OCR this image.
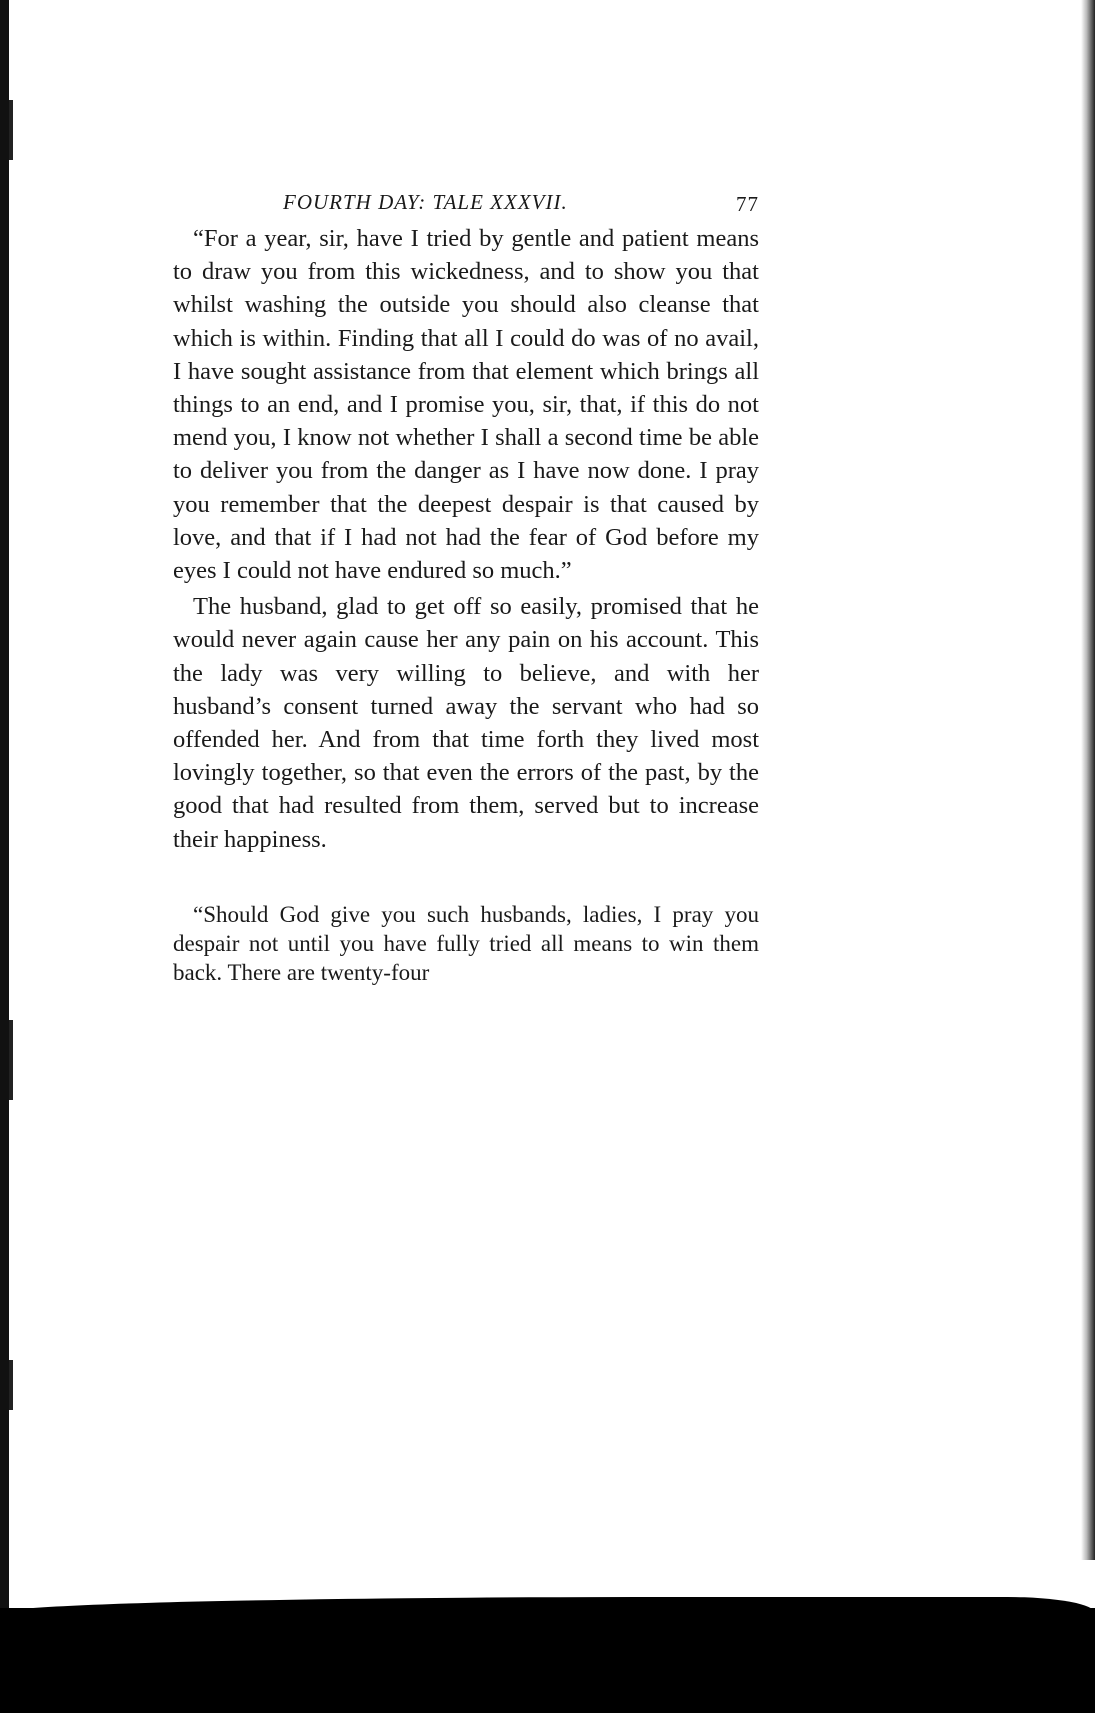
FOURTH DAY: TALE XXXVII.	77

“For a year, sir, have I tried by gentle and patient means to draw you from this wickedness, and to show you that whilst washing the outside you should also cleanse that which is within. Finding that all I could do was of no avail, I have sought assistance from that element which brings all things to an end, and I promise you, sir, that, if this do not mend you, I know not whether I shall a second time be able to deliver you from the danger as I have now done. I pray you remember that the deepest despair is that caused by love, and that if I had not had the fear of God before my eyes I could not have endured so much.”

The husband, glad to get off so easily, promised that he would never again cause her any pain on his account. This the lady was very willing to believe, and with her husband’s consent turned away the servant who had so offended her. And from that time forth they lived most lovingly together, so that even the errors of the past, by the good that had resulted from them, served but to increase their happiness.

“Should God give you such husbands, ladies, I pray you despair not until you have fully tried all means to win them back. There are twenty-four
